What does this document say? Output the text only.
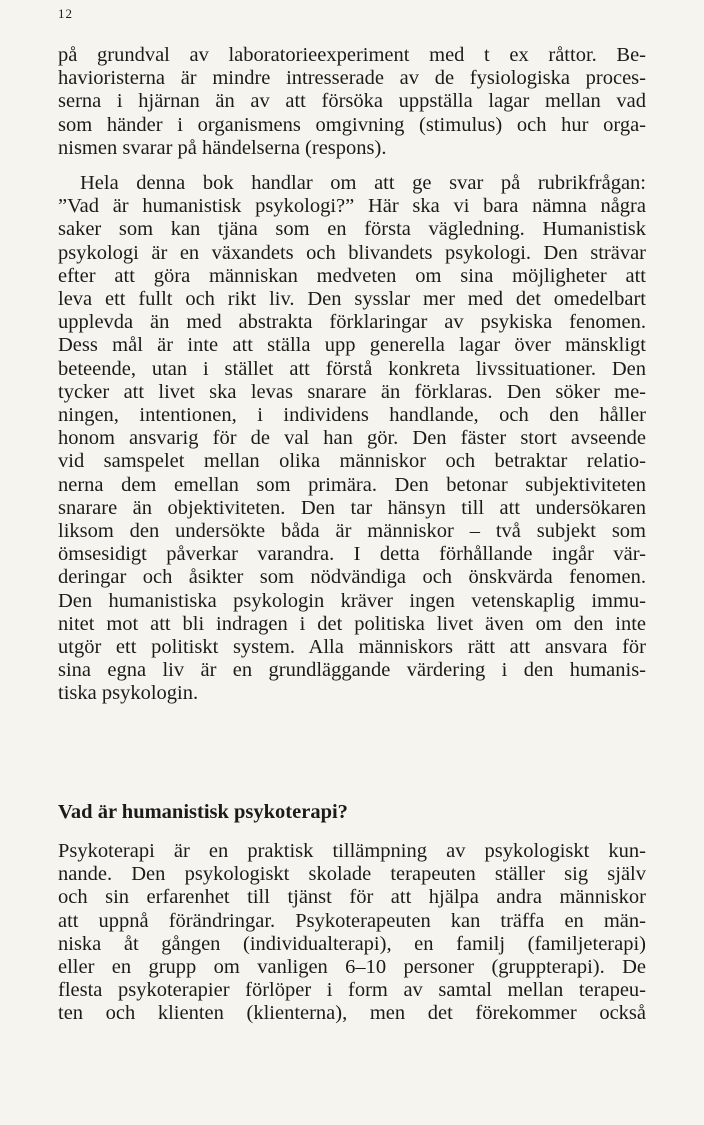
12
på grundval av laboratorieexperiment med t ex råttor. Be-
havioristerna är mindre intresserade av de fysiologiska proces-
serna i hjärnan än av att försöka uppställa lagar mellan vad
som händer i organismens omgivning (stimulus) och hur orga-
nismen svarar på händelserna (respons).
Hela denna bok handlar om att ge svar på rubrikfrågan:
”Vad är humanistisk psykologi?” Här ska vi bara nämna några
saker som kan tjäna som en första vägledning. Humanistisk
psykologi är en växandets och blivandets psykologi. Den strävar
efter att göra människan medveten om sina möjligheter att
leva ett fullt och rikt liv. Den sysslar mer med det omedelbart
upplevda än med abstrakta förklaringar av psykiska fenomen.
Dess mål är inte att ställa upp generella lagar över mänskligt
beteende, utan i stället att förstå konkreta livssituationer. Den
tycker att livet ska levas snarare än förklaras. Den söker me-
ningen, intentionen, i individens handlande, och den håller
honom ansvarig för de val han gör. Den fäster stort avseende
vid samspelet mellan olika människor och betraktar relatio-
nerna dem emellan som primära. Den betonar subjektiviteten
snarare än objektiviteten. Den tar hänsyn till att undersökaren
liksom den undersökte båda är människor – två subjekt som
ömsesidigt påverkar varandra. I detta förhållande ingår vär-
deringar och åsikter som nödvändiga och önskvärda fenomen.
Den humanistiska psykologin kräver ingen vetenskaplig immu-
nitet mot att bli indragen i det politiska livet även om den inte
utgör ett politiskt system. Alla människors rätt att ansvara för
sina egna liv är en grundläggande värdering i den humanis-
tiska psykologin.
Vad är humanistisk psykoterapi?
Psykoterapi är en praktisk tillämpning av psykologiskt kun-
nande. Den psykologiskt skolade terapeuten ställer sig själv
och sin erfarenhet till tjänst för att hjälpa andra människor
att uppnå förändringar. Psykoterapeuten kan träffa en män-
niska åt gången (individualterapi), en familj (familjeterapi)
eller en grupp om vanligen 6–10 personer (gruppterapi). De
flesta psykoterapier förlöper i form av samtal mellan terapeu-
ten och klienten (klienterna), men det förekommer också
